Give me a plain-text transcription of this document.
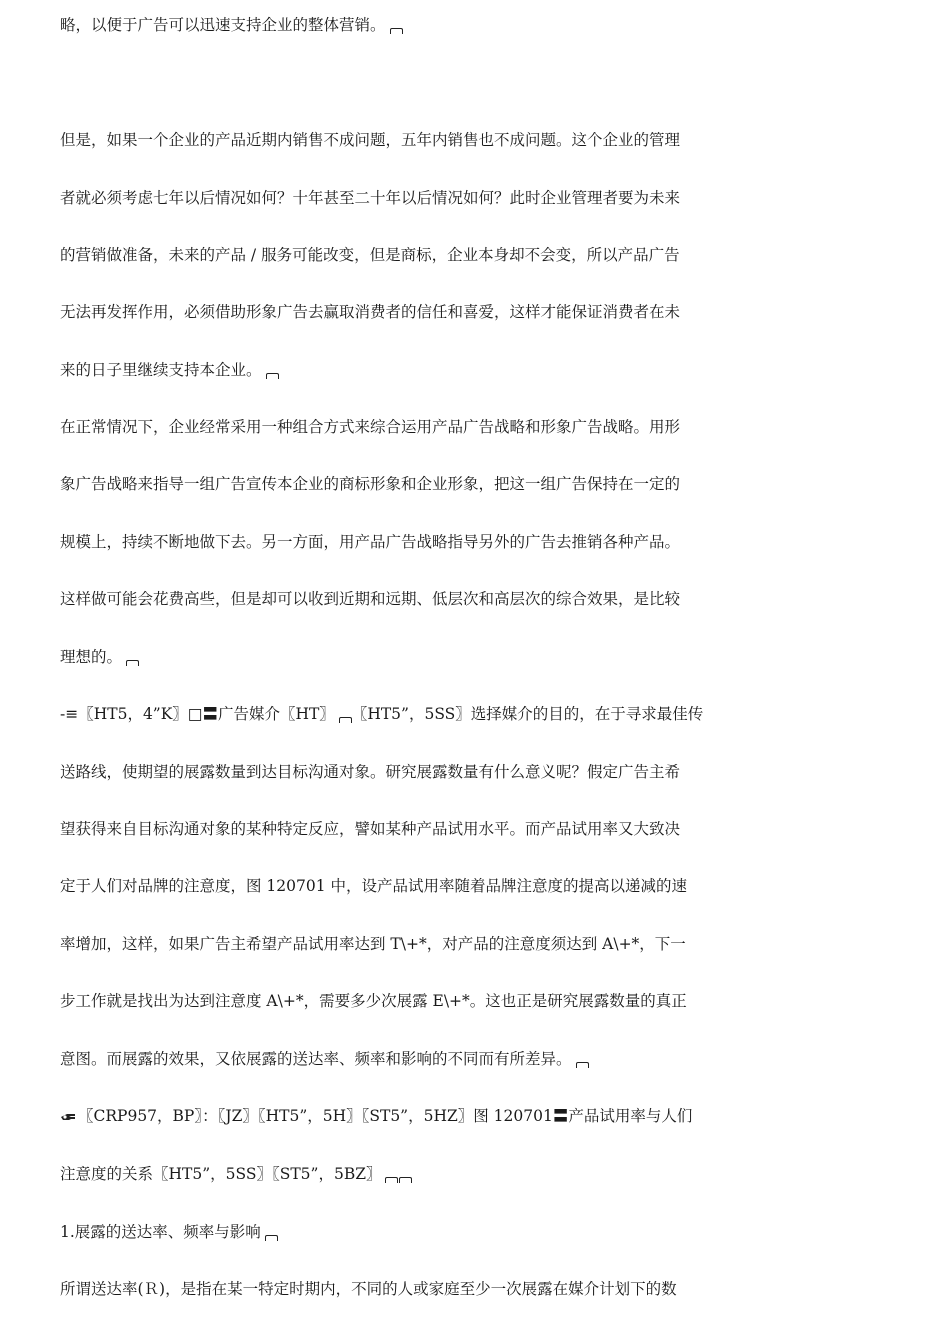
略，以便于广告可以迅速支持企业的整体营销。
但是，如果一个企业的产品近期内销售不成问题，五年内销售也不成问题。这个企业的管理
者就必须考虑七年以后情况如何？十年甚至二十年以后情况如何？此时企业管理者要为未来
的营销做准备，未来的产品 / 服务可能改变，但是商标，企业本身却不会变，所以产品广告
无法再发挥作用，必须借助形象广告去赢取消费者的信任和喜爱，这样才能保证消费者在未
来的日子里继续支持本企业。
在正常情况下，企业经常采用一种组合方式来综合运用产品广告战略和形象广告战略。用形
象广告战略来指导一组广告宣传本企业的商标形象和企业形象，把这一组广告保持在一定的
规模上，持续不断地做下去。另一方面，用产品广告战略指导另外的广告去推销各种产品。
这样做可能会花费高些，但是却可以收到近期和远期、低层次和高层次的综合效果，是比较
理想的。
-≡〖HT5，4”K〗□〓广告媒介〖HT〗 〖HT5”，5SS〗选择媒介的目的，在于寻求最佳传
送路线，使期望的展露数量到达目标沟通对象。研究展露数量有什么意义呢？假定广告主希
望获得来自目标沟通对象的某种特定反应，譬如某种产品试用水平。而产品试用率又大致决
定于人们对品牌的注意度，图 120701 中，设产品试用率随着品牌注意度的提高以递减的速
率增加，这样，如果广告主希望产品试用率达到 T\+*，对产品的注意度须达到 A\+*，下一
步工作就是找出为达到注意度 A\+*，需要多少次展露 E\+*。这也正是研究展露数量的真正
意图。而展露的效果，又依展露的送达率、频率和影响的不同而有所差异。
〖CRP957，BP〗：〖JZ〗〖HT5”，5H〗〖ST5”，5HZ〗图 120701〓产品试用率与人们
注意度的关系〖HT5”，5SS〗〖ST5”，5BZ〗
1.展露的送达率、频率与影响
所谓送达率(Ｒ)，是指在某一特定时期内，不同的人或家庭至少一次展露在媒介计划下的数
